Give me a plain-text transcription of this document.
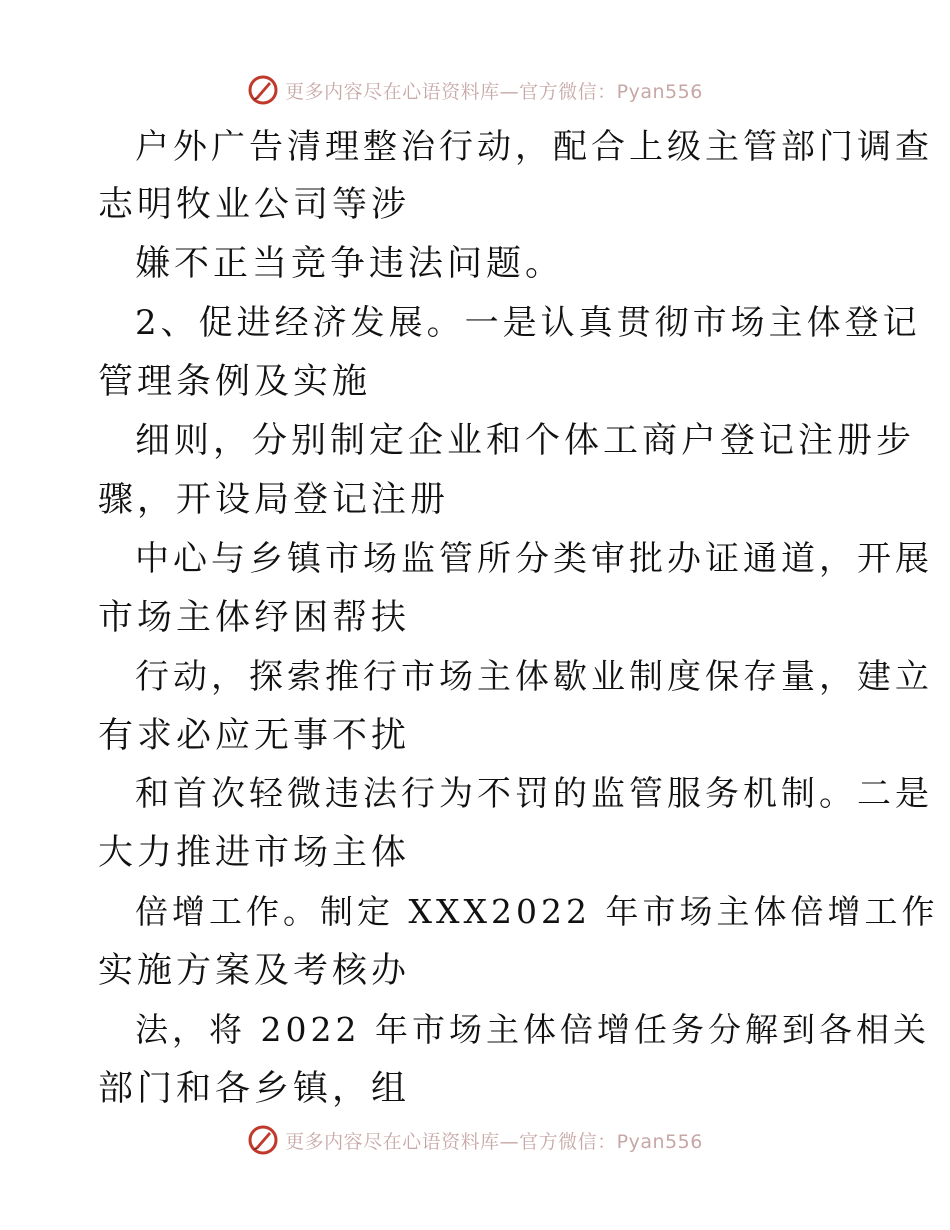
更多内容尽在心语资料库—官方微信：Pyan556
户外广告清理整治行动，配合上级主管部门调查
志明牧业公司等涉
嫌不正当竞争违法问题。
2、促进经济发展。一是认真贯彻市场主体登记
管理条例及实施
细则，分别制定企业和个体工商户登记注册步
骤，开设局登记注册
中心与乡镇市场监管所分类审批办证通道，开展
市场主体纾困帮扶
行动，探索推行市场主体歇业制度保存量，建立
有求必应无事不扰
和首次轻微违法行为不罚的监管服务机制。二是
大力推进市场主体
倍增工作。制定 XXX2022 年市场主体倍增工作
实施方案及考核办
法，将 2022 年市场主体倍增任务分解到各相关
部门和各乡镇，组
更多内容尽在心语资料库—官方微信：Pyan556
